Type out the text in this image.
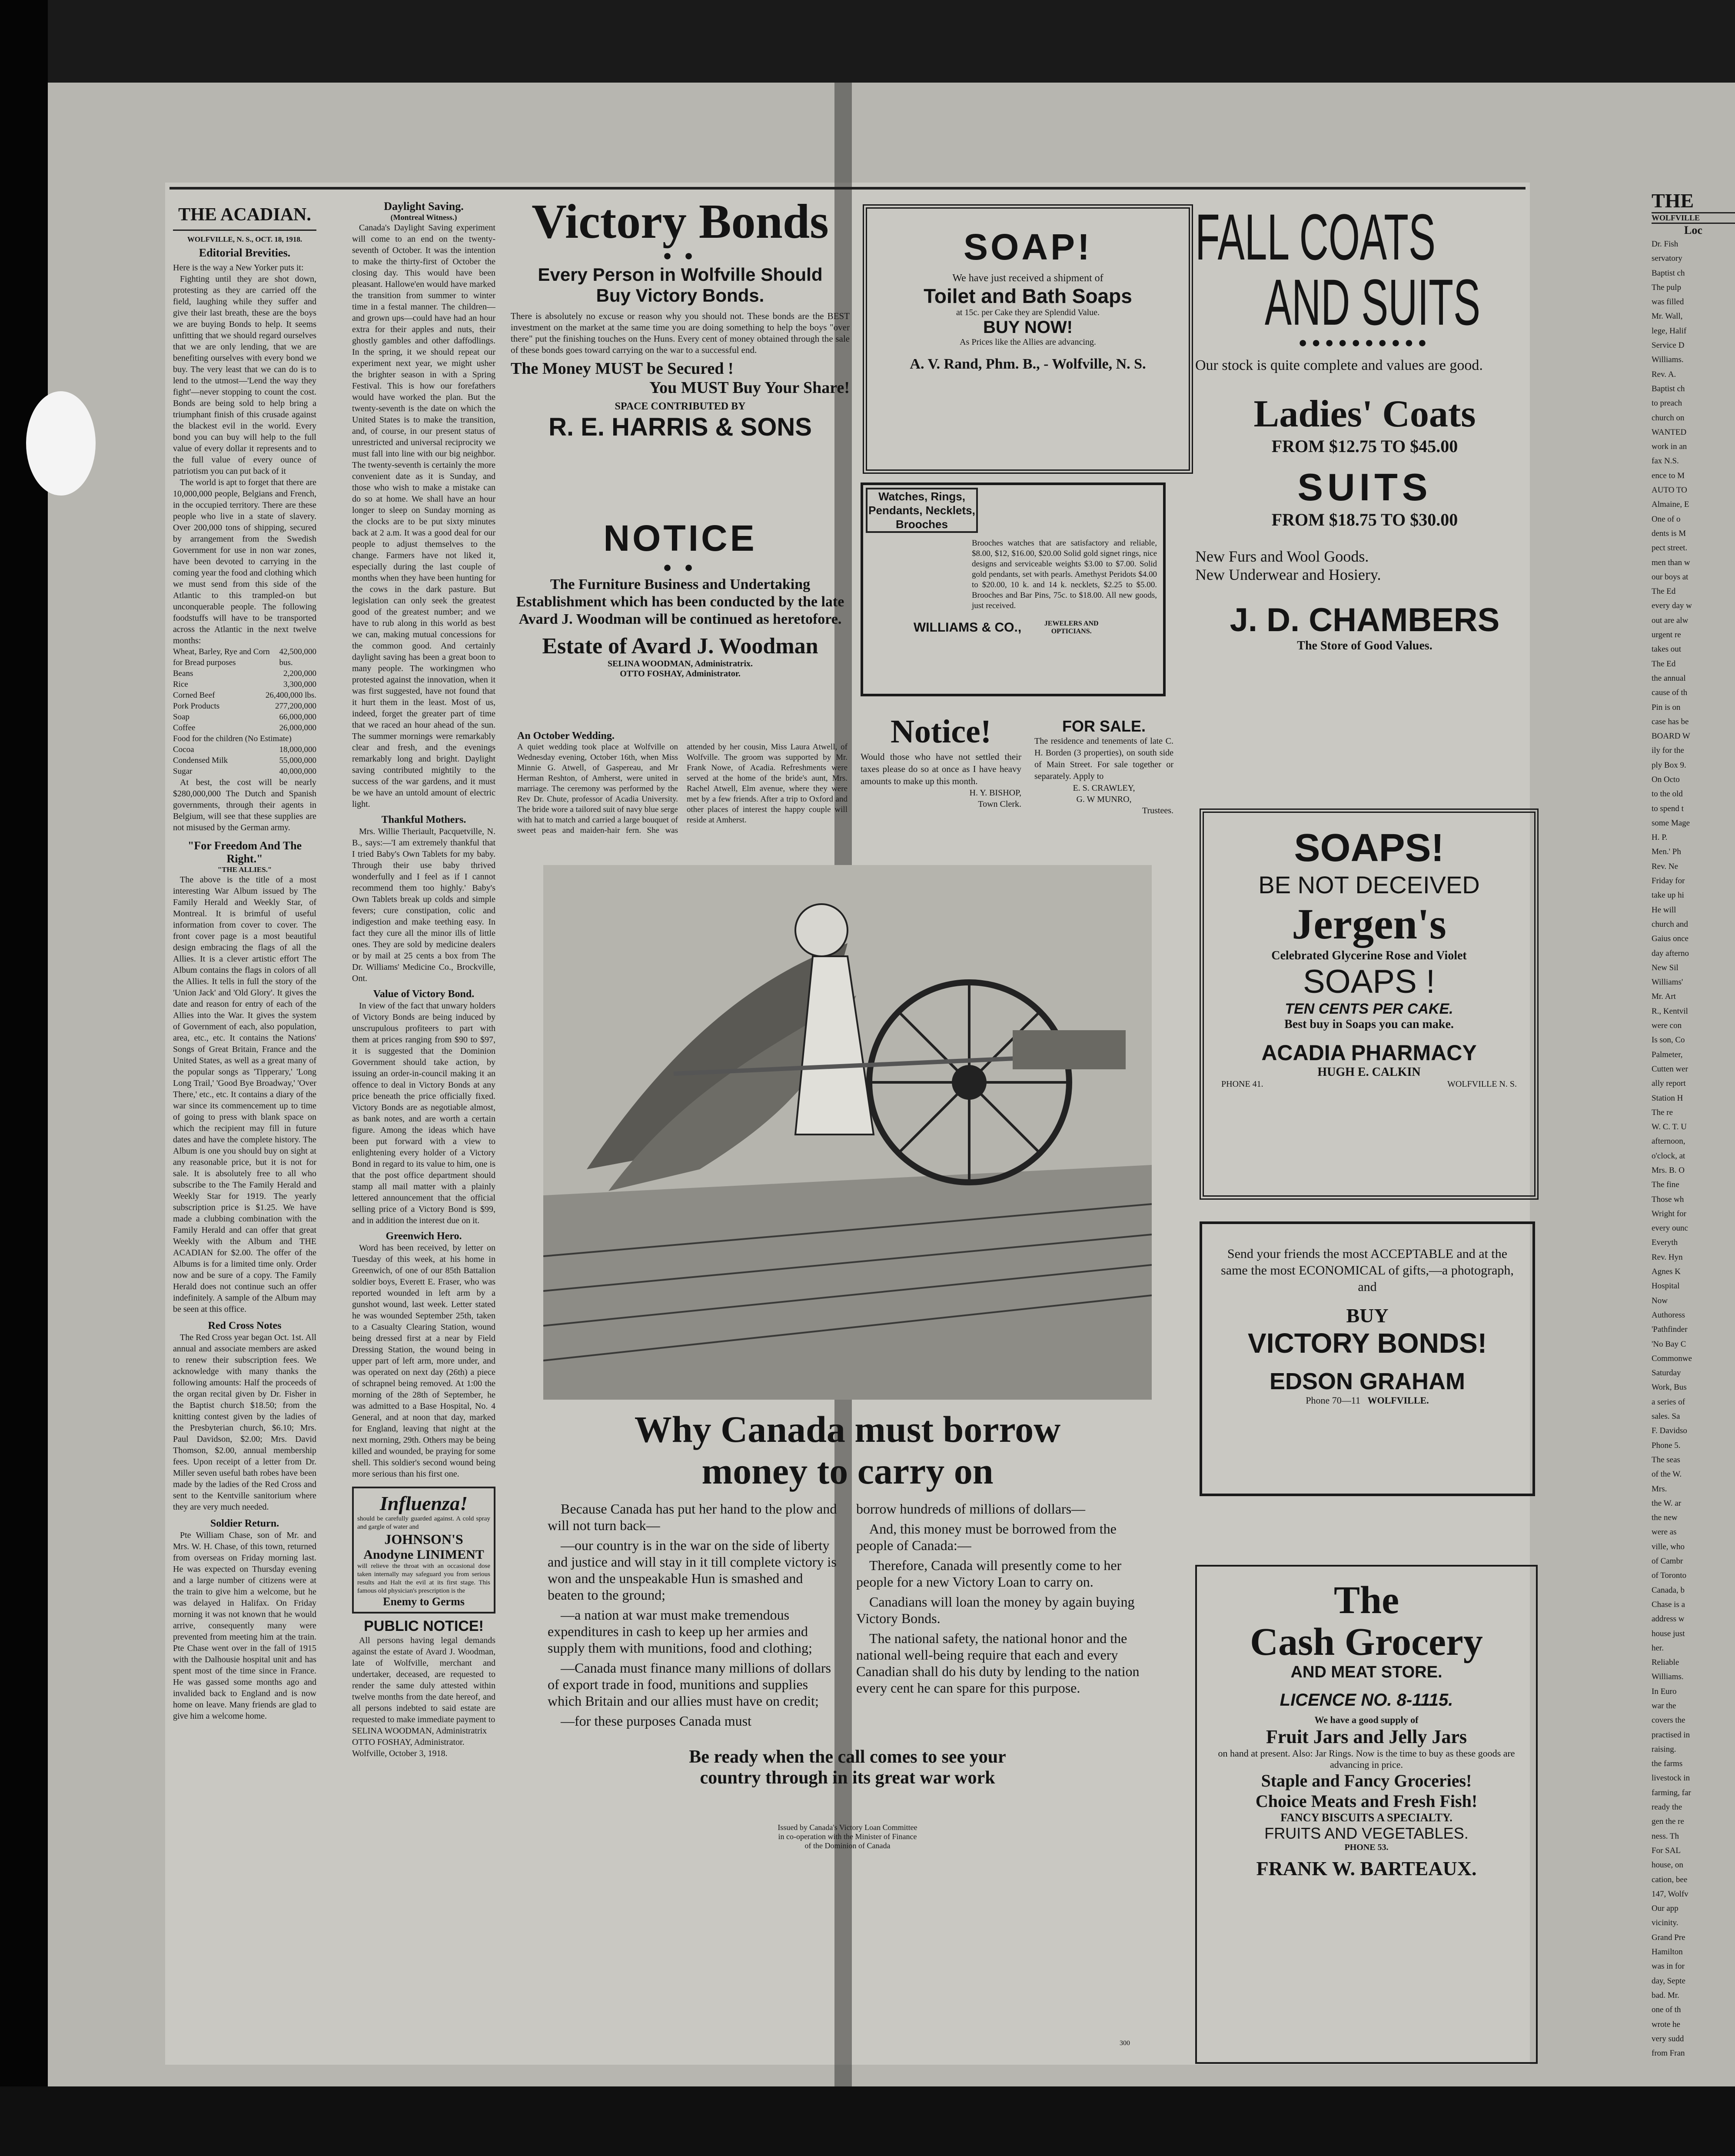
THE ACADIAN.
WOLFVILLE, N. S., OCT. 18, 1918.
Editorial Brevities.
Here is the way a New Yorker puts it:
Fighting until they are shot down, protesting as they are carried off the field, laughing while they suffer and give their last breath, these are the boys we are buying Bonds to help. It seems unfitting that we should regard ourselves that we are only lending, that we are benefiting ourselves with every bond we buy. The very least that we can do is to lend to the utmost—'Lend the way they fight'—never stopping to count the cost. Bonds are being sold to help bring a triumphant finish of this crusade against the blackest evil in the world. Every bond you can buy will help to the full value of every dollar it represents and to the full value of every ounce of patriotism you can put back of it
The world is apt to forget that there are 10,000,000 people, Belgians and French, in the occupied territory. There are these people who live in a state of slavery. Over 200,000 tons of shipping, secured by arrangement from the Swedish Government for use in non war zones, have been devoted to carrying in the coming year the food and clothing which we must send from this side of the Atlantic to this trampled-on but unconquerable people. The following foodstuffs will have to be transported across the Atlantic in the next twelve months:
Wheat, Barley, Rye and Corn for Bread purposes
42,500,000 bus.
Beans	2,200,000
Rice	3,300,000
Corned Beef	26,400,000 lbs.
Pork Products	277,200,000
Soap	66,000,000
Coffee	26,000,000
Food for the children (No Estimate)
Cocoa	18,000,000
Condensed Milk	55,000,000
Sugar	40,000,000
At best, the cost will be nearly $280,000,000 The Dutch and Spanish governments, through their agents in Belgium, will see that these supplies are not misused by the German army.
"For Freedom And The Right."
"THE ALLIES."
The above is the title of a most interesting War Album issued by The Family Herald and Weekly Star, of Montreal. It is brimful of useful information from cover to cover. The front cover page is a most beautiful design embracing the flags of all the Allies. It is a clever artistic effort The Album contains the flags in colors of all the Allies. It tells in full the story of the 'Union Jack' and 'Old Glory'. It gives the date and reason for entry of each of the Allies into the War. It gives the system of Government of each, also population, area, etc., etc. It contains the Nations' Songs of Great Britain, France and the United States, as well as a great many of the popular songs as 'Tipperary,' 'Long Long Trail,' 'Good Bye Broadway,' 'Over There,' etc., etc. It contains a diary of the war since its commencement up to time of going to press with blank space on which the recipient may fill in future dates and have the complete history. The Album is one you should buy on sight at any reasonable price, but it is not for sale. It is absolutely free to all who subscribe to the The Family Herald and Weekly Star for 1919. The yearly subscription price is $1.25. We have made a clubbing combination with the Family Herald and can offer that great Weekly with the Album and THE ACADIAN for $2.00. The offer of the Albums is for a limited time only. Order now and be sure of a copy. The Family Herald does not continue such an offer indefinitely. A sample of the Album may be seen at this office.
Red Cross Notes
The Red Cross year began Oct. 1st. All annual and associate members are asked to renew their subscription fees. We acknowledge with many thanks the following amounts: Half the proceeds of the organ recital given by Dr. Fisher in the Baptist church $18.50; from the knitting contest given by the ladies of the Presbyterian church, $6.10; Mrs. Paul Davidson, $2.00; Mrs. David Thomson, $2.00, annual membership fees. Upon receipt of a letter from Dr. Miller seven useful bath robes have been made by the ladies of the Red Cross and sent to the Kentville sanitorium where they are very much needed.
Soldier Return.
Pte William Chase, son of Mr. and Mrs. W. H. Chase, of this town, returned from overseas on Friday morning last. He was expected on Thursday evening and a large number of citizens were at the train to give him a welcome, but he was delayed in Halifax. On Friday morning it was not known that he would arrive, consequently many were prevented from meeting him at the train. Pte Chase went over in the fall of 1915 with the Dalhousie hospital unit and has spent most of the time since in France. He was gassed some months ago and invalided back to England and is now home on leave. Many friends are glad to give him a welcome home.
Daylight Saving.
(Montreal Witness.)
Canada's Daylight Saving experiment will come to an end on the twenty-seventh of October. It was the intention to make the thirty-first of October the closing day. This would have been pleasant. Hallowe'en would have marked the transition from summer to winter time in a festal manner. The children—and grown ups—could have had an hour extra for their apples and nuts, their ghostly gambles and other daffodlings. In the spring, it we should repeat our experiment next year, we might usher the brighter season in with a Spring Festival. This is how our forefathers would have worked the plan. But the twenty-seventh is the date on which the United States is to make the transition, and, of course, in our present status of unrestricted and universal reciprocity we must fall into line with our big neighbor. The twenty-seventh is certainly the more convenient date as it is Sunday, and those who wish to make a mistake can do so at home. We shall have an hour longer to sleep on Sunday morning as the clocks are to be put sixty minutes back at 2 a.m. It was a good deal for our people to adjust themselves to the change. Farmers have not liked it, especially during the last couple of months when they have been hunting for the cows in the dark pasture. But legislation can only seek the greatest good of the greatest number; and we have to rub along in this world as best we can, making mutual concessions for the common good. And certainly daylight saving has been a great boon to many people. The workingmen who protested against the innovation, when it was first suggested, have not found that it hurt them in the least. Most of us, indeed, forget the greater part of time that we raced an hour ahead of the sun. The summer mornings were remarkably clear and fresh, and the evenings remarkably long and bright. Daylight saving contributed mightily to the success of the war gardens, and it must be we have an untold amount of electric light.
Thankful Mothers.
Mrs. Willie Theriault, Pacquetville, N. B., says:—'I am extremely thankful that I tried Baby's Own Tablets for my baby. Through their use baby thrived wonderfully and I feel as if I cannot recommend them too highly.' Baby's Own Tablets break up colds and simple fevers; cure constipation, colic and indigestion and make teething easy. In fact they cure all the minor ills of little ones. They are sold by medicine dealers or by mail at 25 cents a box from The Dr. Williams' Medicine Co., Brockville, Ont.
Value of Victory Bond.
In view of the fact that unwary holders of Victory Bonds are being induced by unscrupulous profiteers to part with them at prices ranging from $90 to $97, it is suggested that the Dominion Government should take action, by issuing an order-in-council making it an offence to deal in Victory Bonds at any price beneath the price officially fixed. Victory Bonds are as negotiable almost, as bank notes, and are worth a certain figure. Among the ideas which have been put forward with a view to enlightening every holder of a Victory Bond in regard to its value to him, one is that the post office department should stamp all mail matter with a plainly lettered announcement that the official selling price of a Victory Bond is $99, and in addition the interest due on it.
Greenwich Hero.
Word has been received, by letter on Tuesday of this week, at his home in Greenwich, of one of our 85th Battalion soldier boys, Everett E. Fraser, who was reported wounded in left arm by a gunshot wound, last week. Letter stated he was wounded September 25th, taken to a Casualty Clearing Station, wound being dressed first at a near by Field Dressing Station, the wound being in upper part of left arm, more under, and was operated on next day (26th) a piece of schrapnel being removed. At 1:00 the morning of the 28th of September, he was admitted to a Base Hospital, No. 4 General, and at noon that day, marked for England, leaving that night at the next morning, 29th. Others may be being killed and wounded, be praying for some shell. This soldier's second wound being more serious than his first one.
Influenza!
should be carefully guarded against. A cold spray and gargle of water and
JOHNSON'S
Anodyne LINIMENT
will relieve the throat with an occasional dose taken internally may safeguard you from serious results and Halt the evil at its first stage. This famous old physician's prescription is the
Enemy to Germs
PUBLIC NOTICE!
All persons having legal demands against the estate of Avard J. Woodman, late of Wolfville, merchant and undertaker, deceased, are requested to render the same duly attested within twelve months from the date hereof, and all persons indebted to said estate are requested to make immediate payment to
SELINA WOODMAN, Administratrix
OTTO FOSHAY, Administrator.
Wolfville, October 3, 1918.
Victory Bonds
● ●
Every Person in Wolfville Should
Buy Victory Bonds.
There is absolutely no excuse or reason why you should not. These bonds are the BEST investment on the market at the same time you are doing something to help the boys "over there" put the finishing touches on the Huns. Every cent of money obtained through the sale of these bonds goes toward carrying on the war to a successful end.
The Money MUST be Secured !
You MUST Buy Your Share!
SPACE CONTRIBUTED BY
R. E. HARRIS & SONS
NOTICE
● ●
The Furniture Business and Undertaking Establishment which has been conducted by the late Avard J. Woodman will be continued as heretofore.
Estate of Avard J. Woodman
SELINA WOODMAN, Administratrix.
OTTO FOSHAY, Administrator.
An October Wedding.
A quiet wedding took place at Wolfville on Wednesday evening, October 16th, when Miss Minnie G. Atwell, of Gaspereau, and Mr Herman Reshton, of Amherst, were united in marriage. The ceremony was performed by the Rev Dr. Chute, professor of Acadia University. The bride wore a tailored suit of navy blue serge with hat to match and carried a large bouquet of sweet peas and maiden-hair fern. She was attended by her cousin, Miss Laura Atwell, of Wolfville. The groom was supported by Mr. Frank Nowe, of Acadia. Refreshments were served at the home of the bride's aunt, Mrs. Rachel Atwell, Elm avenue, where they were met by a few friends. After a trip to Oxford and other places of interest the happy couple will reside at Amherst.
SOAP!
We have just received a shipment of
Toilet and Bath Soaps
at 15c. per Cake they are Splendid Value.
BUY NOW!
As Prices like the Allies are advancing.
A. V. Rand, Phm. B., - Wolfville, N. S.
Watches, Rings, Pendants, Necklets, Brooches
Brooches watches that are satisfactory and reliable, $8.00, $12, $16.00, $20.00 Solid gold signet rings, nice designs and serviceable weights $3.00 to $7.00. Solid gold pendants, set with pearls. Amethyst Peridots $4.00 to $20.00, 10 k. and 14 k. necklets, $2.25 to $5.00. Brooches and Bar Pins, 75c. to $18.00. All new goods, just received.
WILLIAMS & CO.,	JEWELERS AND OPTICIANS.
Notice!
Would those who have not settled their taxes please do so at once as I have heavy amounts to make up this month.
H. Y. BISHOP,
Town Clerk.
FOR SALE.
The residence and tenements of late C. H. Borden (3 properties), on south side of Main Street. For sale together or separately. Apply to
E. S. CRAWLEY,
G. W MUNRO,
Trustees.
Why Canada must borrow
money to carry on

Because Canada has put her hand to the plow and will not turn back—

—our country is in the war on the side of liberty and justice and will stay in it till complete victory is won and the unspeakable Hun is smashed and beaten to the ground;

—a nation at war must make tremendous expenditures in cash to keep up her armies and supply them with munitions, food and clothing;

—Canada must finance many millions of dollars of export trade in food, munitions and supplies which Britain and our allies must have on credit;

—for these purposes Canada must

borrow hundreds of millions of dollars—

And, this money must be borrowed from the people of Canada:—

Therefore, Canada will presently come to her people for a new Victory Loan to carry on.

Canadians will loan the money by again buying Victory Bonds.

The national safety, the national honor and the national well-being require that each and every Canadian shall do his duty by lending to the nation every cent he can spare for this purpose.

Be ready when the call comes to see your
country through in its great war work
Issued by Canada's Victory Loan Committee
in co-operation with the Minister of Finance
of the Dominion of Canada
300
FALL COATS
AND SUITS
●●●●●●●●●●
Our stock is quite complete and values are good.
Ladies' Coats
FROM $12.75 TO $45.00
SUITS
FROM $18.75 TO $30.00
New Furs and Wool Goods.
New Underwear and Hosiery.
J. D. CHAMBERS
The Store of Good Values.
SOAPS!
BE NOT DECEIVED
Jergen's
Celebrated Glycerine Rose and Violet
SOAPS !
TEN CENTS PER CAKE.
Best buy in Soaps you can make.
ACADIA PHARMACY
HUGH E. CALKIN
PHONE 41.	WOLFVILLE N. S.
Send your friends the most ACCEPTABLE and at the same the most ECONOMICAL of gifts,—a photograph, and
BUY
VICTORY BONDS!
EDSON GRAHAM
Phone 70—11 WOLFVILLE.
The
Cash Grocery
AND MEAT STORE.
LICENCE NO. 8-1115.
We have a good supply of
Fruit Jars and Jelly Jars
on hand at present. Also: Jar Rings. Now is the time to buy as these goods are advancing in price.
Staple and Fancy Groceries!
Choice Meats and Fresh Fish!
FANCY BISCUITS A SPECIALTY.
FRUITS AND VEGETABLES.
PHONE 53.
FRANK W. BARTEAUX.
THE
WOLFVILLE
Loc
Dr. Fish
servatory
Baptist ch
The pulp
was filled
Mr. Wall,
lege, Halif
Service D
Williams.
Rev. A.
Baptist ch
to preach
church on
WANTED
work in an
fax N.S.
ence to M
AUTO TO
Almaine, E
One of o
dents is M
pect street.
men than w
our boys at
The Ed
every day w
out are alw
urgent re
takes out
The Ed
the annual
cause of th
Pin is on
case has be
BOARD W
ily for the
ply Box 9.
On Octo
to the old
to spend t
some Mage
H. P.
Men.' Ph
Rev. Ne
Friday for
take up hi
He will
church and
Gaius once
day afterno
New Sil
Williams'
Mr. Art
R., Kentvil
were con
Is son, Co
Palmeter,
Cutten wer
ally report
Station H
The re
W. C. T. U
afternoon,
o'clock, at
Mrs. B. O
The fine
Those wh
Wright for
every ounc
Everyth
Rev. Hyn
Agnes K
Hospital
Now
Authoress
'Pathfinder
'No Bay C
Commonwe
Saturday
Work, Bus
a series of
sales. Sa
F. Davidso
Phone 5.
The seas
of the W.
Mrs.
the W. ar
the new
were as
ville, who
of Cambr
of Toronto
Canada, b
Chase is a
address w
house just
her.
Reliable
Williams.
In Euro
war the
covers the
practised in
raising.
the farms
livestock in
farming, far
ready the
gen the re
ness. Th
For SAL
house, on
cation, bee
147, Wolfv
Our app
vicinity.
Grand Pre
Hamilton
was in for
day, Septe
bad. Mr.
one of th
wrote he
very sudd
from Fran
